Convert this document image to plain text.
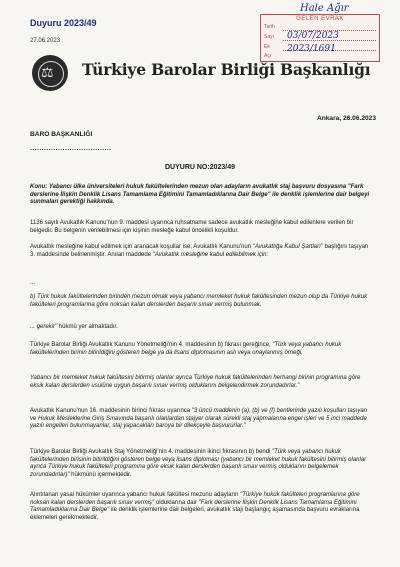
Duyuru 2023/49
27.06.2023
GELEN EVRAK
Tarih
Sayı
Ek
Açı
Hale Ağır
03/07/2023
2023/1691
⚖ Türkiye Barolar Birliği Başkanlığı
Ankara, 26.06.2023
BARO BAŞKANLIĞI
...................................
DUYURU NO:2023/49

Konu: Yabancı ülke üniversiteleri hukuk fakültelerinden mezun olan adayların avukatlık staj başvuru dosyasına "Fark derslerine İlişkin Denklik Lisans Tamamlama Eğitimini Tamamladıklarına Dair Belge" ile denklik işlemlerine dair belgeyi sunmaları gerektiği hakkında.

1136 sayılı Avukatlık Kanunu'nun 9. maddesi uyarınca ruhsatname sadece avukatlık mesleğine kabul edilenlere verilen bir belgedir. Bu belgenin verilebilmesi için kişinin mesleğe kabul öncelikli koşuldur.

Avukatlık mesleğine kabul edilmek için aranacak koşullar ise; Avukatlık Kanunu'nun "Avukatlığa Kabul Şartları" başlığını taşıyan 3. maddesinde belirlenmiştir. Anılan maddede "Avukatlık mesleğine kabul edilebilmek için:

...

b) Türk hukuk fakültelerinden birinden mezun olmak veya yabancı memleket hukuk fakültesinden mezun olup da Türkiye hukuk fakülteleri programlarına göre noksan kalan derslerden başarılı sınav vermiş bulunmak.

... gerekir" hükmü yer almaktadır.

Türkiye Barolar Birliği Avukatlık Kanunu Yönetmeliği'nin 4. maddesinin b) fıkrası gereğince, "Türk veya yabancı hukuk fakültelerinden birinin bitirildiğini gösteren belge ya da lisans diplomasının aslı veya onaylanmış örneği,

Yabancı bir memleket hukuk fakültesini bitirmiş olanlar ayrıca Türkiye hukuk fakültelerinden herhangi birinin programına göre eksik kalan derslerden usulüne uygun başarılı sınav vermiş olduklarını belgelendirmek zorundadırlar."

Avukatlık Kanunu'nun 16. maddesinin birinci fıkrası uyarınca "3 üncü maddenin (a), (b) ve (f) bentlerinde yazılı koşulları taşıyan ve Hukuk Mesleklerine Giriş Sınavında başarılı olanlardan stajyer olarak sürekli staj yapmalarına engel işleri ve 5 inci maddede yazılı engelleri bulunmayanlar, staj yapacakları baroya bir dilekçeyle başvururlar."

Türkiye Barolar Birliği Avukatlık Staj Yönetmeliği'nin 4. maddesinin ikinci fıkrasının b) bendi "Türk veya yabancı hukuk fakültelerinden birisinin bitirildiğini gösteren belge veya lisans diploması (yabancı bir memleket hukuk fakültesini bitirmiş olanlar ayrıca Türkiye hukuk fakülteleri programına göre eksik kalan derslerden başarılı sınav vermiş olduklarını belgelemek zorundadırlar)" hükmünü içermektedir.

Alıntılanan yasal hükümler uyarınca yabancı hukuk fakültesi mezunu adayların "Türkiye hukuk fakülteleri programlarına göre noksan kalan derslerden başarılı sınav vermiş" olduklarına dair "Fark derslerine İlişkin Denklik Lisans Tamamlama Eğitimini Tamamladıklarına Dair Belge" ile denklik işlemlerine dair belgeleri, avukatlık stajı başlangıç aşamasında başvuru evraklarına eklemeleri gerekmektedir.
